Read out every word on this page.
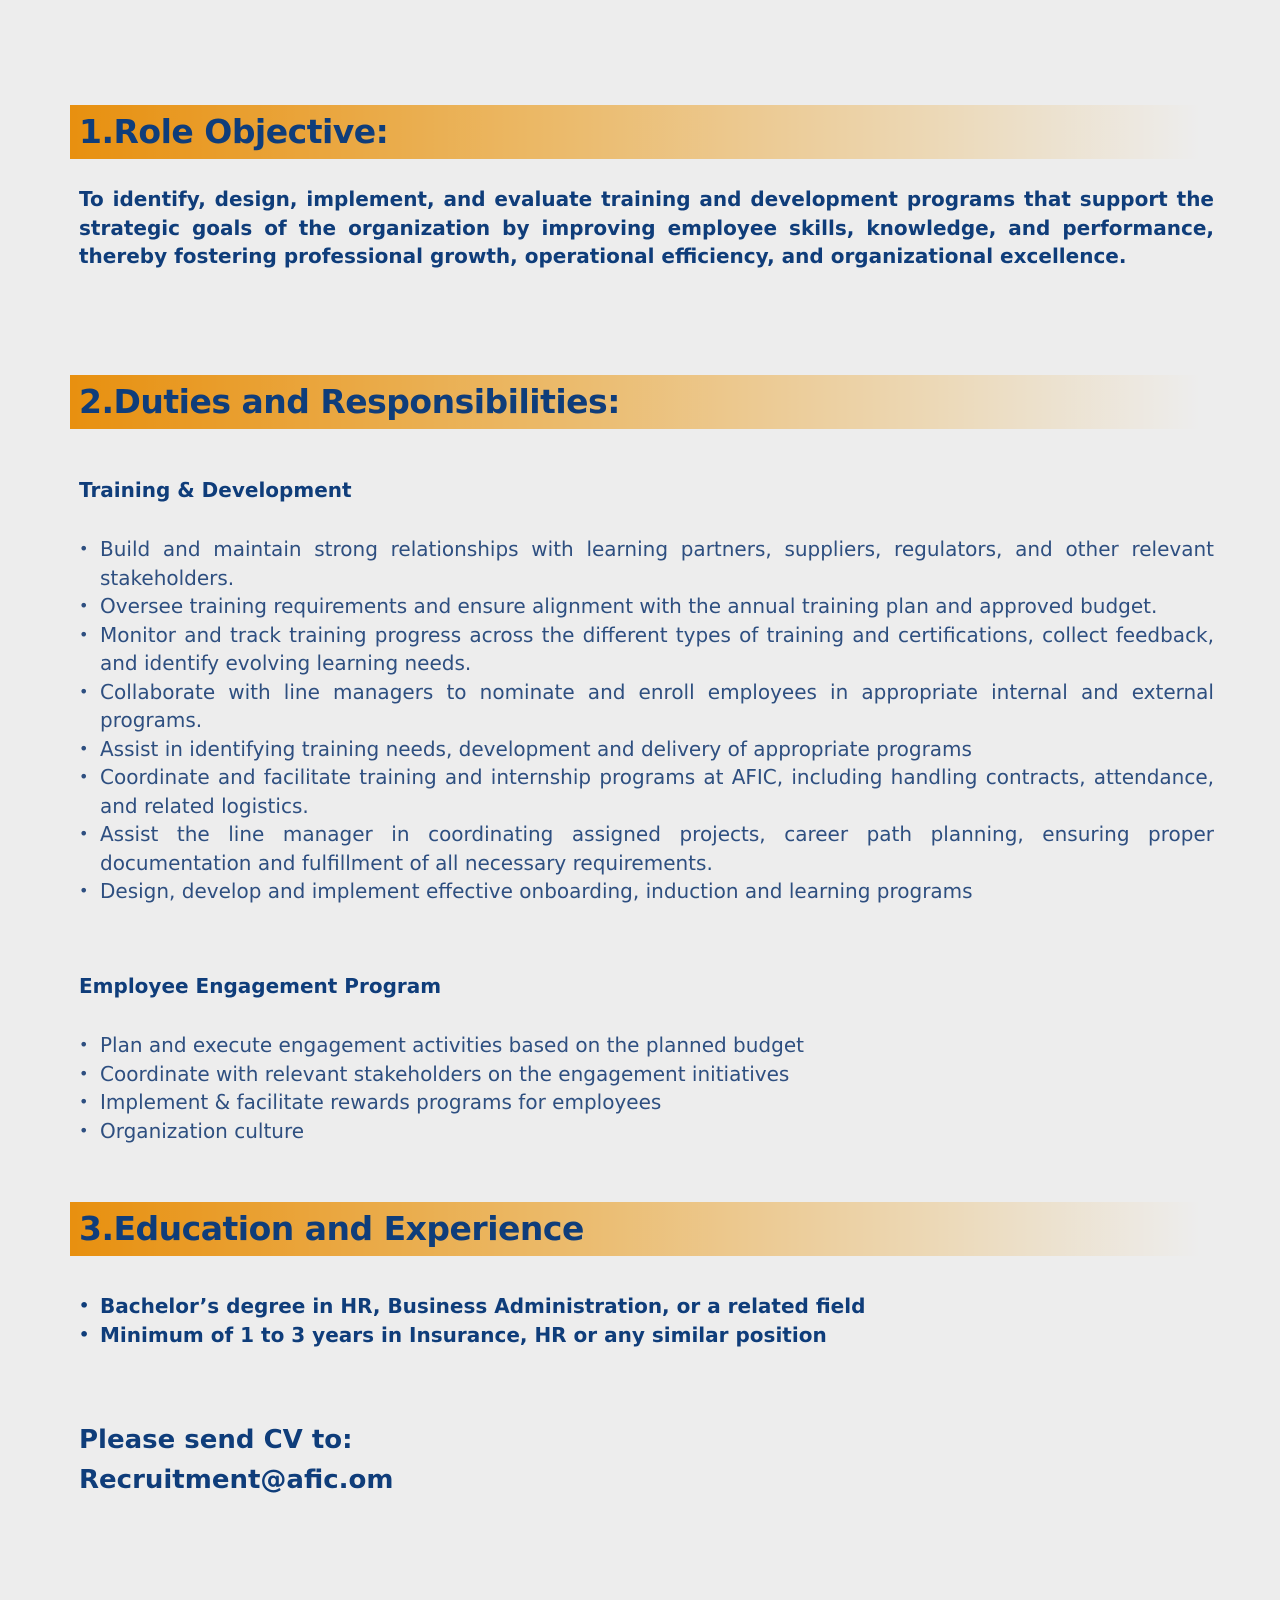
1.Role Objective:

To identify, design, implement, and evaluate training and development programs that support the strategic goals of the organization by improving employee skills, knowledge, and performance, thereby fostering professional growth, operational efficiency, and organizational excellence.

2.Duties and Responsibilities:
Training & Development
• Build and maintain strong relationships with learning partners, suppliers, regulators, and other relevant stakeholders.
• Oversee training requirements and ensure alignment with the annual training plan and approved budget.
• Monitor and track training progress across the different types of training and certifications, collect feedback, and identify evolving learning needs.
• Collaborate with line managers to nominate and enroll employees in appropriate internal and external programs.
• Assist in identifying training needs, development and delivery of appropriate programs
• Coordinate and facilitate training and internship programs at AFIC, including handling contracts, attendance, and related logistics.
• Assist the line manager in coordinating assigned projects, career path planning, ensuring proper documentation and fulfillment of all necessary requirements.
• Design, develop and implement effective onboarding, induction and learning programs
Employee Engagement Program
• Plan and execute engagement activities based on the planned budget
• Coordinate with relevant stakeholders on the engagement initiatives
• Implement & facilitate rewards programs for employees
• Organization culture
3.Education and Experience
• Bachelor’s degree in HR, Business Administration, or a related field
• Minimum of 1 to 3 years in Insurance, HR or any similar position

Please send CV to:

Recruitment@afic.om
